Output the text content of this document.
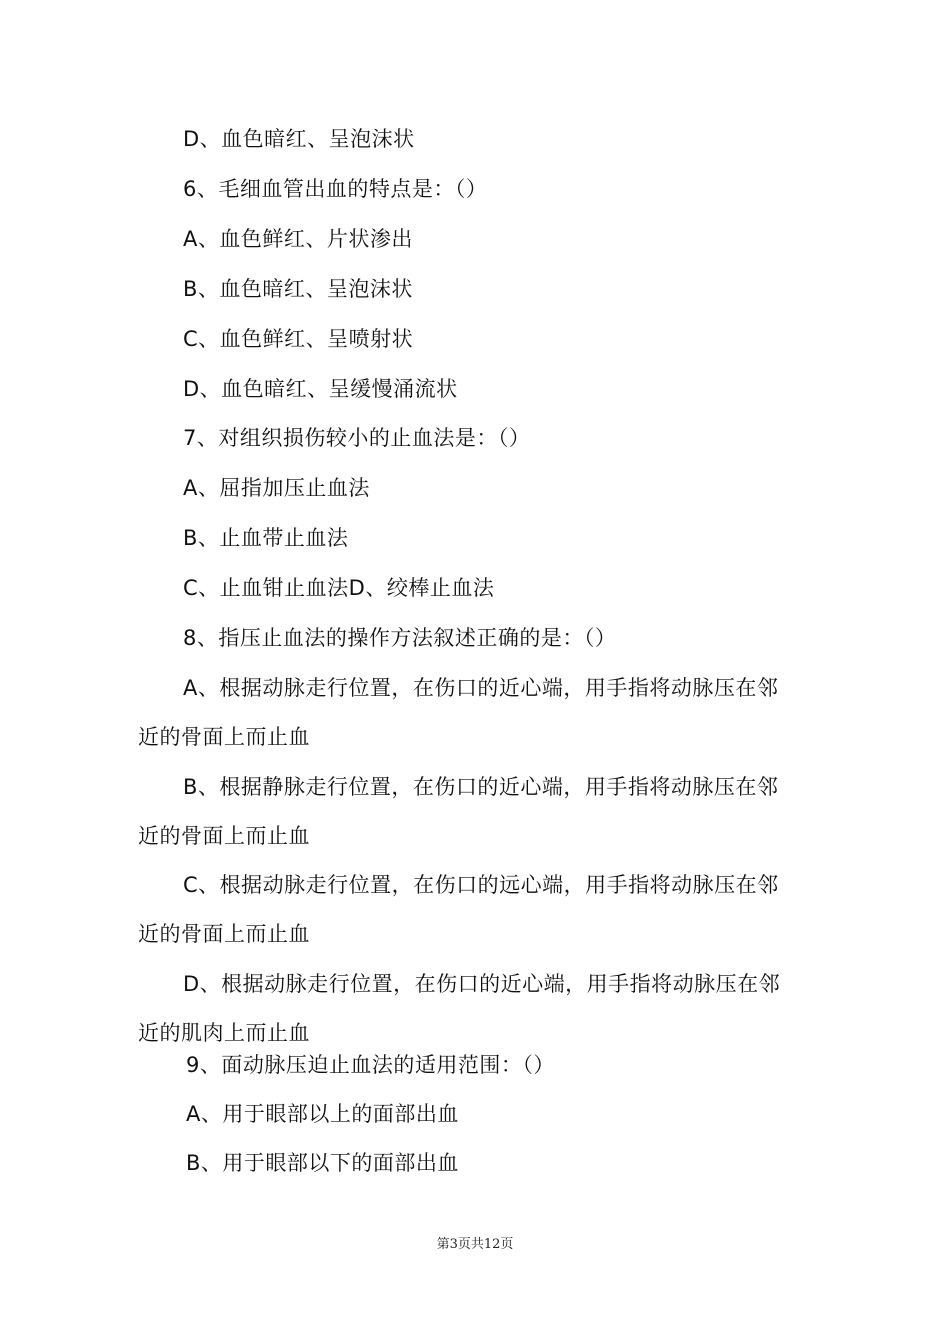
D、血色暗红、呈泡沫状
6、毛细血管出血的特点是：（）
A、血色鲜红、片状渗出
B、血色暗红、呈泡沫状
C、血色鲜红、呈喷射状
D、血色暗红、呈缓慢涌流状
7、对组织损伤较小的止血法是：（）
A、屈指加压止血法
B、止血带止血法
C、止血钳止血法D、绞棒止血法
8、指压止血法的操作方法叙述正确的是：（）
A、根据动脉走行位置，在伤口的近心端，用手指将动脉压在邻
近的骨面上而止血
B、根据静脉走行位置，在伤口的近心端，用手指将动脉压在邻
近的骨面上而止血
C、根据动脉走行位置，在伤口的远心端，用手指将动脉压在邻
近的骨面上而止血
D、根据动脉走行位置，在伤口的近心端，用手指将动脉压在邻
近的肌肉上而止血
9、面动脉压迫止血法的适用范围：（）
A、用于眼部以上的面部出血
B、用于眼部以下的面部出血
第3页共12页
